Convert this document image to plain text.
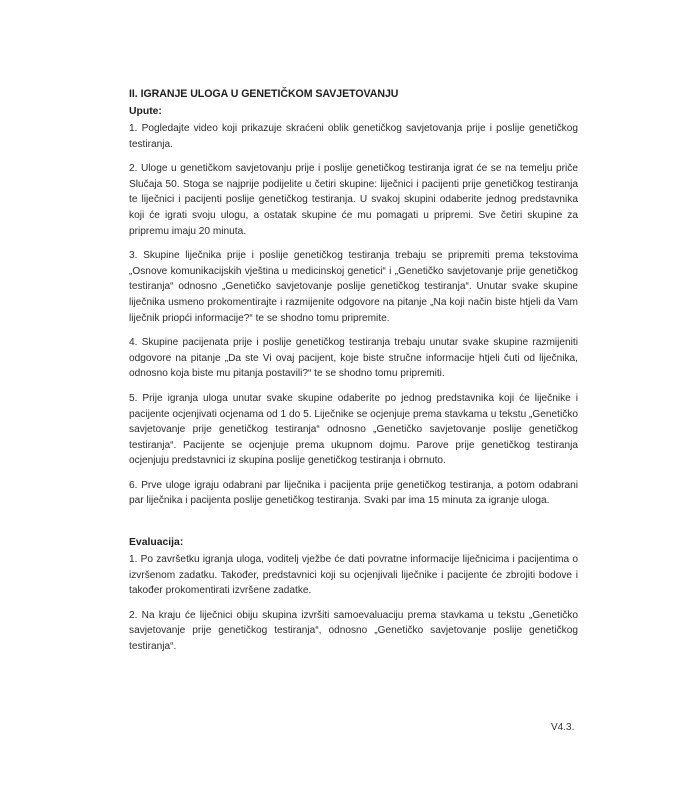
II. IGRANJE ULOGA U GENETIČKOM SAVJETOVANJU
Upute:

1. Pogledajte video koji prikazuje skraćeni oblik genetičkog savjetovanja prije i poslije genetičkog testiranja.

2. Uloge u genetičkom savjetovanju prije i poslije genetičkog testiranja igrat će se na temelju priče Slučaja 50. Stoga se najprije podijelite u četiri skupine: liječnici i pacijenti prije genetičkog testiranja te liječnici i pacijenti poslije genetičkog testiranja. U svakoj skupini odaberite jednog predstavnika koji će igrati svoju ulogu, a ostatak skupine će mu pomagati u pripremi. Sve četiri skupine za pripremu imaju 20 minuta.

3. Skupine liječnika prije i poslije genetičkog testiranja trebaju se pripremiti prema tekstovima „Osnove komunikacijskih vještina u medicinskoj genetici“ i „Genetičko savjetovanje prije genetičkog testiranja“ odnosno „Genetičko savjetovanje poslije genetičkog testiranja“. Unutar svake skupine liječnika usmeno prokomentirajte i razmijenite odgovore na pitanje „Na koji način biste htjeli da Vam liječnik priopći informacije?“ te se shodno tomu pripremite.

4. Skupine pacijenata prije i poslije genetičkog testiranja trebaju unutar svake skupine razmijeniti odgovore na pitanje „Da ste Vi ovaj pacijent, koje biste stručne informacije htjeli čuti od liječnika, odnosno koja biste mu pitanja postavili?“ te se shodno tomu pripremiti.

5. Prije igranja uloga unutar svake skupine odaberite po jednog predstavnika koji će liječnike i pacijente ocjenjivati ocjenama od 1 do 5. Liječnike se ocjenjuje prema stavkama u tekstu „Genetičko savjetovanje prije genetičkog testiranja“ odnosno „Genetičko savjetovanje poslije genetičkog testiranja“. Pacijente se ocjenjuje prema ukupnom dojmu. Parove prije genetičkog testiranja ocjenjuju predstavnici iz skupina poslije genetičkog testiranja i obrnuto.

6. Prve uloge igraju odabrani par liječnika i pacijenta prije genetičkog testiranja, a potom odabrani par liječnika i pacijenta poslije genetičkog testiranja. Svaki par ima 15 minuta za igranje uloga.

Evaluacija:

1. Po završetku igranja uloga, voditelj vježbe će dati povratne informacije liječnicima i pacijentima o izvršenom zadatku. Također, predstavnici koji su ocjenjivali liječnike i pacijente će zbrojiti bodove i također prokomentirati izvršene zadatke.

2. Na kraju će liječnici obiju skupina izvršiti samoevaluaciju prema stavkama u tekstu „Genetičko savjetovanje prije genetičkog testiranja“, odnosno „Genetičko savjetovanje poslije genetičkog testiranja“.

V4.3.
